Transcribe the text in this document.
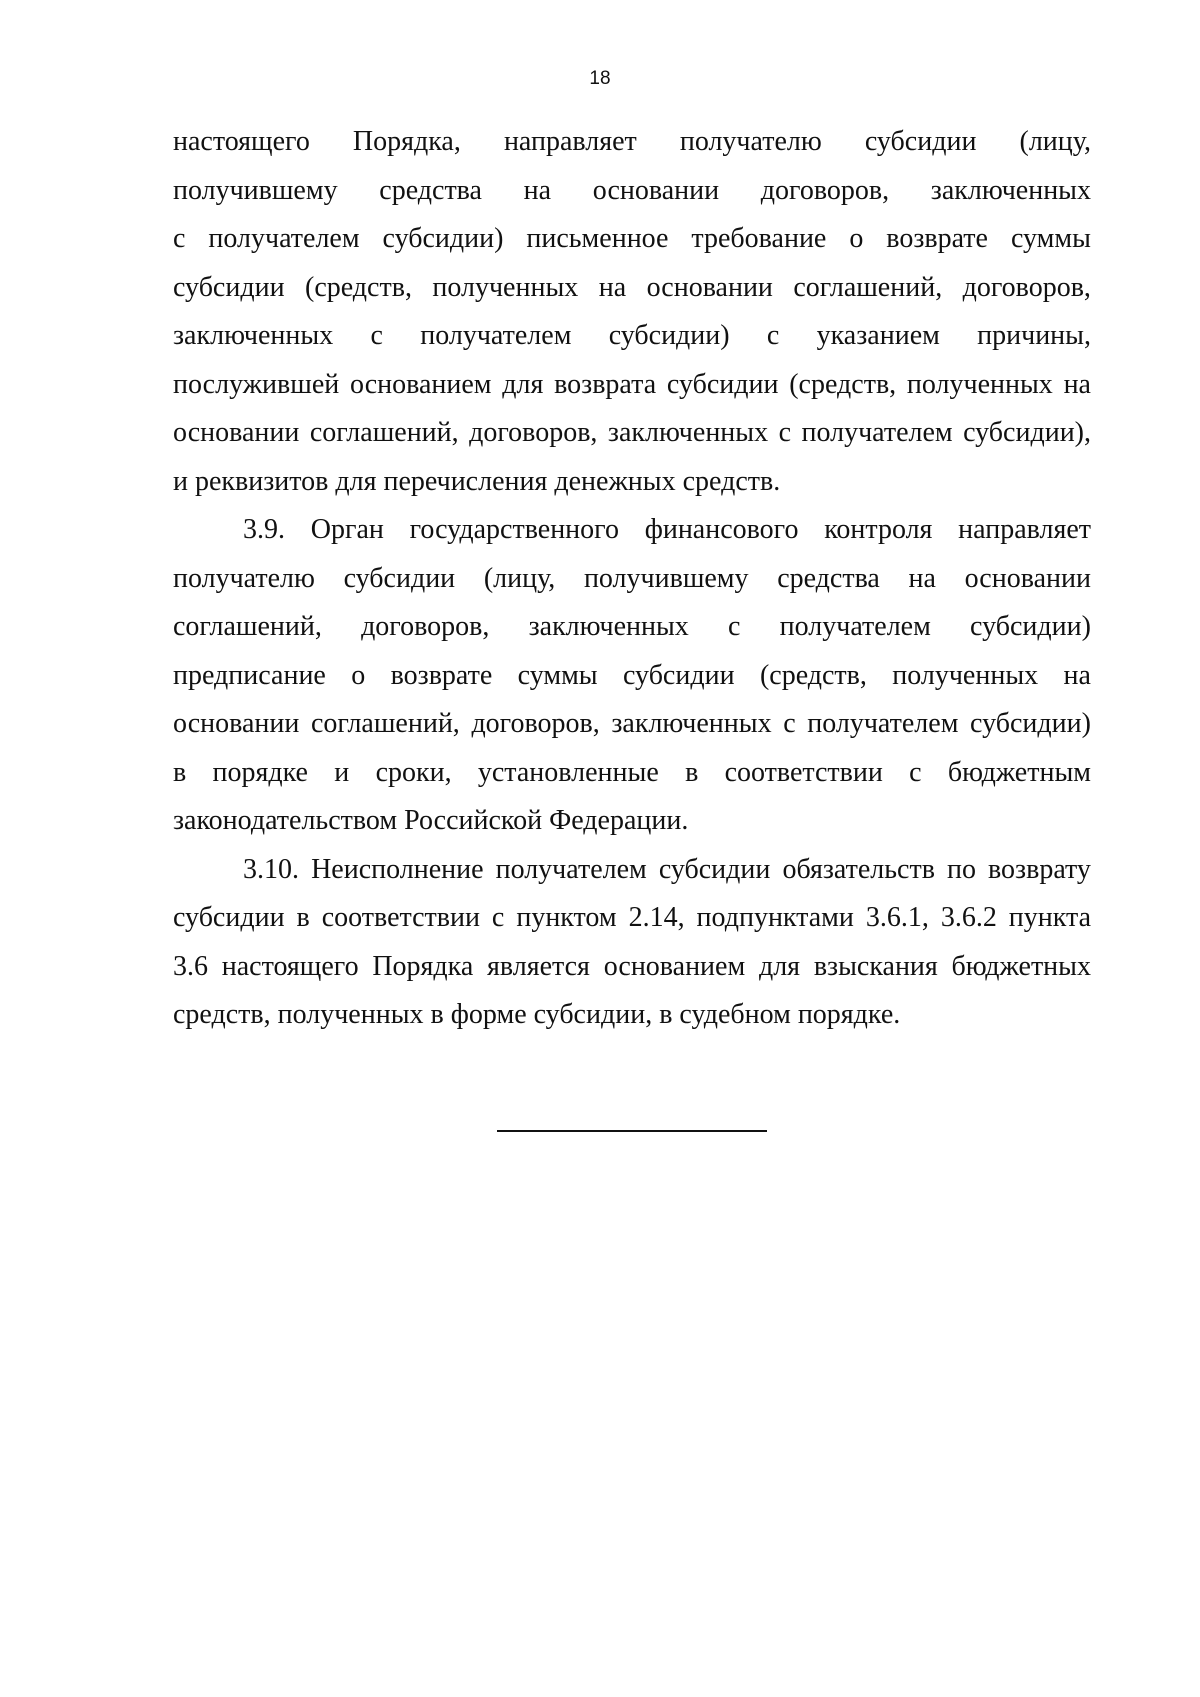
18
настоящего Порядка, направляет получателю субсидии (лицу,
получившему средства на основании договоров, заключенных
с получателем субсидии) письменное требование о возврате суммы
субсидии (средств, полученных на основании соглашений, договоров,
заключенных с получателем субсидии) с указанием причины,
послужившей основанием для возврата субсидии (средств, полученных на
основании соглашений, договоров, заключенных с получателем субсидии),
и реквизитов для перечисления денежных средств.
3.9. Орган государственного финансового контроля направляет
получателю субсидии (лицу, получившему средства на основании
соглашений, договоров, заключенных с получателем субсидии)
предписание о возврате суммы субсидии (средств, полученных на
основании соглашений, договоров, заключенных с получателем субсидии)
в порядке и сроки, установленные в соответствии с бюджетным
законодательством Российской Федерации.
3.10. Неисполнение получателем субсидии обязательств по возврату
субсидии в соответствии с пунктом 2.14, подпунктами 3.6.1, 3.6.2 пункта
3.6 настоящего Порядка является основанием для взыскания бюджетных
средств, полученных в форме субсидии, в судебном порядке.
